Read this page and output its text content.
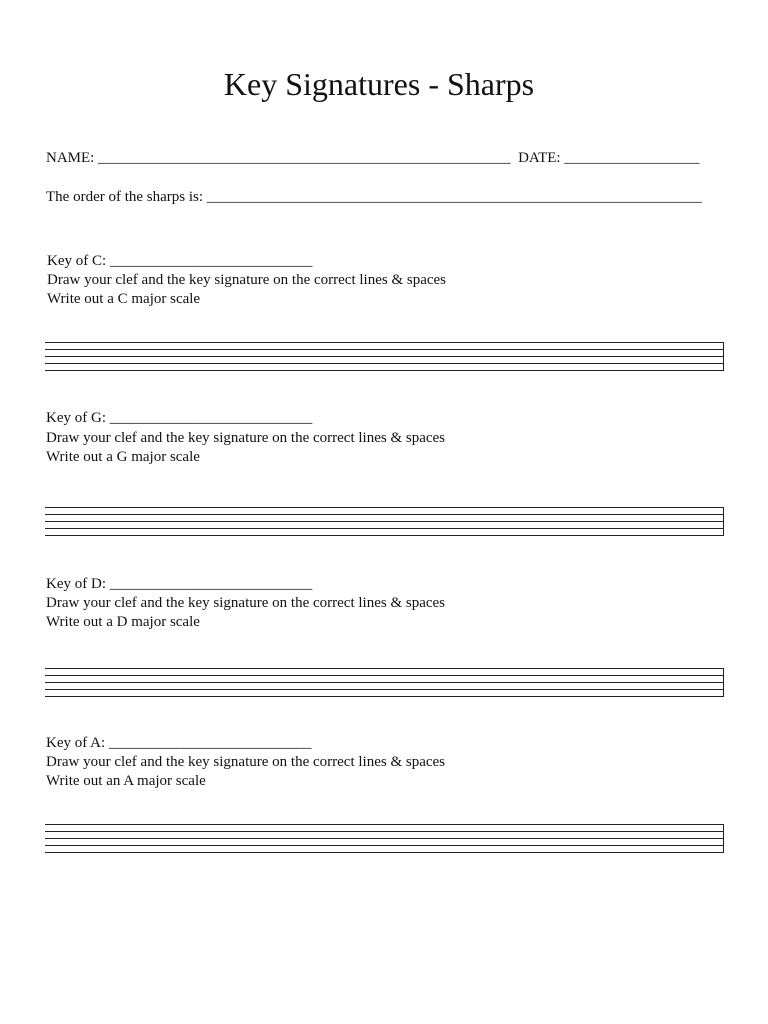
Key Signatures - Sharps
NAME: _______________________________________________________ DATE: __________________
The order of the sharps is: __________________________________________________________________
Key of C: ___________________________
Draw your clef and the key signature on the correct lines & spaces
Write out a C major scale
Key of G: ___________________________
Draw your clef and the key signature on the correct lines & spaces
Write out a G major scale
Key of D: ___________________________
Draw your clef and the key signature on the correct lines & spaces
Write out a D major scale
Key of A: ___________________________
Draw your clef and the key signature on the correct lines & spaces
Write out an A major scale
